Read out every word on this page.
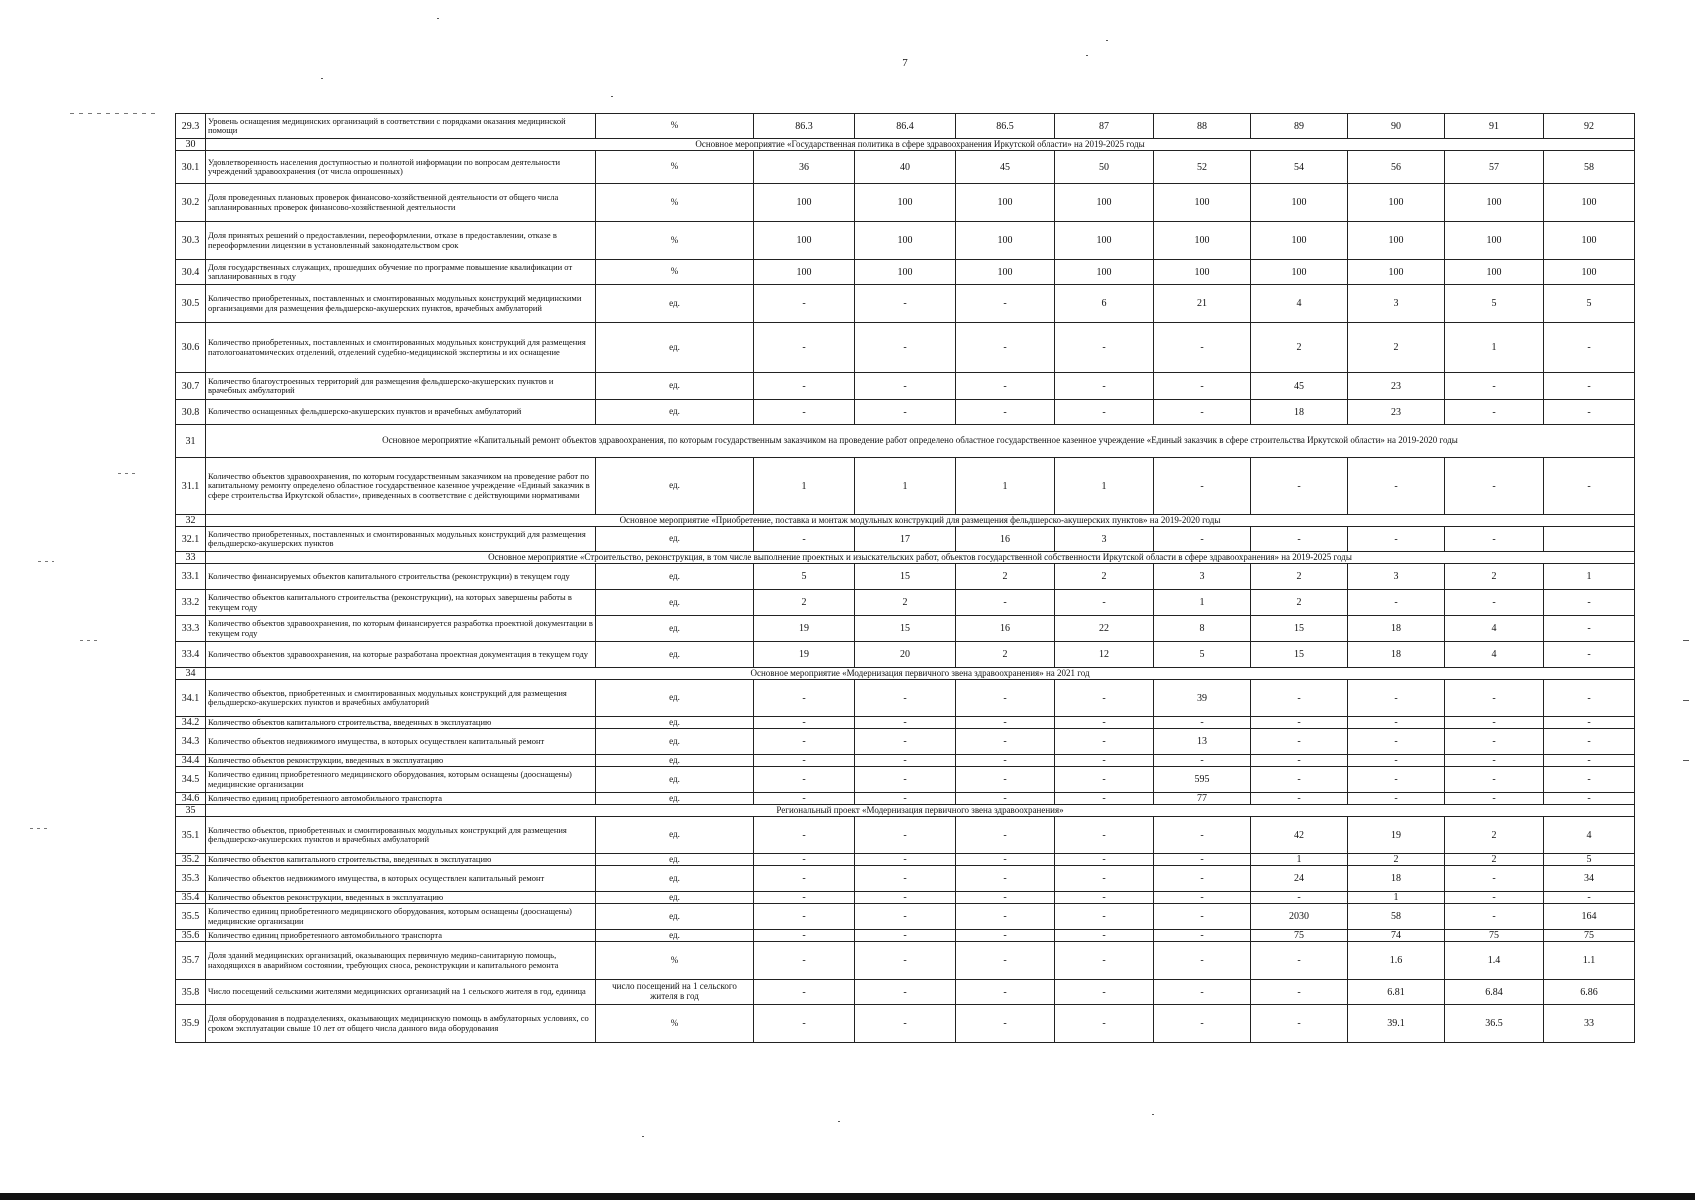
7
29.3	Уровень оснащения медицинских организаций в соответствии с порядками оказания медицинской помощи	%	86.3	86.4	86.5	87	88	89	90	91	92
30	Основное мероприятие «Государственная политика в сфере здравоохранения Иркутской области» на 2019-2025 годы										
30.1	Удовлетворенность населения доступностью и полнотой информации по вопросам деятельности учреждений здравоохранения (от числа опрошенных)	%	36	40	45	50	52	54	56	57	58
30.2	Доля проведенных плановых проверок финансово-хозяйственной деятельности от общего числа запланированных проверок финансово-хозяйственной деятельности	%	100	100	100	100	100	100	100	100	100
30.3	Доля принятых решений о предоставлении, переоформлении, отказе в предоставлении, отказе в переоформлении лицензии в установленный законодательством срок	%	100	100	100	100	100	100	100	100	100
30.4	Доля государственных служащих, прошедших обучение по программе повышение квалификации от запланированных в году	%	100	100	100	100	100	100	100	100	100
30.5	Количество приобретенных, поставленных и смонтированных модульных конструкций медицинскими организациями для размещения фельдшерско-акушерских пунктов, врачебных амбулаторий	ед.	-	-	-	6	21	4	3	5	5
30.6	Количество приобретенных, поставленных и смонтированных модульных конструкций для размещения патологоанатомических отделений, отделений судебно-медицинской экспертизы и их оснащение	ед.	-	-	-	-	-	2	2	1	-
30.7	Количество благоустроенных территорий для размещения фельдшерско-акушерских пунктов и врачебных амбулаторий	ед.	-	-	-	-	-	45	23	-	-
30.8	Количество оснащенных фельдшерско-акушерских пунктов и врачебных амбулаторий	ед.	-	-	-	-	-	18	23	-	-
31	Основное мероприятие «Капитальный ремонт объектов здравоохранения, по которым государственным заказчиком на проведение работ определено областное государственное казенное учреждение «Единый заказчик в сфере строительства Иркутской области» на 2019-2020 годы										
31.1	Количество объектов здравоохранения, по которым государственным заказчиком на проведение работ по капитальному ремонту определено областное государственное казенное учреждение «Единый заказчик в сфере строительства Иркутской области», приведенных в соответствие с действующими нормативами	ед.	1	1	1	1	-	-	-	-	-
32	Основное мероприятие «Приобретение, поставка и монтаж модульных конструкций для размещения фельдшерско-акушерских пунктов» на 2019-2020 годы										
32.1	Количество приобретенных, поставленных и смонтированных модульных конструкций для размещения фельдшерско-акушерских пунктов	ед.	-	17	16	3	-	-	-	-	
33	Основное мероприятие «Строительство, реконструкция, в том числе выполнение проектных и изыскательских работ, объектов государственной собственности Иркутской области в сфере здравоохранения» на 2019-2025 годы										
33.1	Количество финансируемых объектов капитального строительства (реконструкции) в текущем году	ед.	5	15	2	2	3	2	3	2	1
33.2	Количество объектов капитального строительства (реконструкции), на которых завершены работы в текущем году	ед.	2	2	-	-	1	2	-	-	-
33.3	Количество объектов здравоохранения, по которым финансируется разработка проектной документации в текущем году	ед.	19	15	16	22	8	15	18	4	-
33.4	Количество объектов здравоохранения, на которые разработана проектная документация в текущем году	ед.	19	20	2	12	5	15	18	4	-
34	Основное мероприятие «Модернизация первичного звена здравоохранения» на 2021 год										
34.1	Количество объектов, приобретенных и смонтированных модульных конструкций для размещения фельдшерско-акушерских пунктов и врачебных амбулаторий	ед.	-	-	-	-	39	-	-	-	-
34.2	Количество объектов капитального строительства, введенных в эксплуатацию	ед.	-	-	-	-	-	-	-	-	-
34.3	Количество объектов недвижимого имущества, в которых осуществлен капитальный ремонт	ед.	-	-	-	-	13	-	-	-	-
34.4	Количество объектов реконструкции, введенных в эксплуатацию	ед.	-	-	-	-	-	-	-	-	-
34.5	Количество единиц приобретенного медицинского оборудования, которым оснащены (дооснащены) медицинские организации	ед.	-	-	-	-	595	-	-	-	-
34.6	Количество единиц приобретенного автомобильного транспорта	ед.	-	-	-	-	77	-	-	-	-
35	Региональный проект «Модернизация первичного звена здравоохранения»										
35.1	Количество объектов, приобретенных и смонтированных модульных конструкций для размещения фельдшерско-акушерских пунктов и врачебных амбулаторий	ед.	-	-	-	-	-	42	19	2	4
35.2	Количество объектов капитального строительства, введенных в эксплуатацию	ед.	-	-	-	-	-	1	2	2	5
35.3	Количество объектов недвижимого имущества, в которых осуществлен капитальный ремонт	ед.	-	-	-	-	-	24	18	-	34
35.4	Количество объектов реконструкции, введенных в эксплуатацию	ед.	-	-	-	-	-	-	1	-	-
35.5	Количество единиц приобретенного медицинского оборудования, которым оснащены (дооснащены) медицинские организации	ед.	-	-	-	-	-	2030	58	-	164
35.6	Количество единиц приобретенного автомобильного транспорта	ед.	-	-	-	-	-	75	74	75	75
35.7	Доля зданий медицинских организаций, оказывающих первичную медико-санитарную помощь, находящихся в аварийном состоянии, требующих сноса, реконструкции и капитального ремонта	%	-	-	-	-	-	-	1.6	1.4	1.1
35.8	Число посещений сельскими жителями медицинских организаций на 1 сельского жителя в год, единица	число посещений на 1 сельского жителя в год	-	-	-	-	-	-	6.81	6.84	6.86
35.9	Доля оборудования в подразделениях, оказывающих медицинскую помощь в амбулаторных условиях, со сроком эксплуатации свыше 10 лет от общего числа данного вида оборудования	%	-	-	-	-	-	-	39.1	36.5	33
